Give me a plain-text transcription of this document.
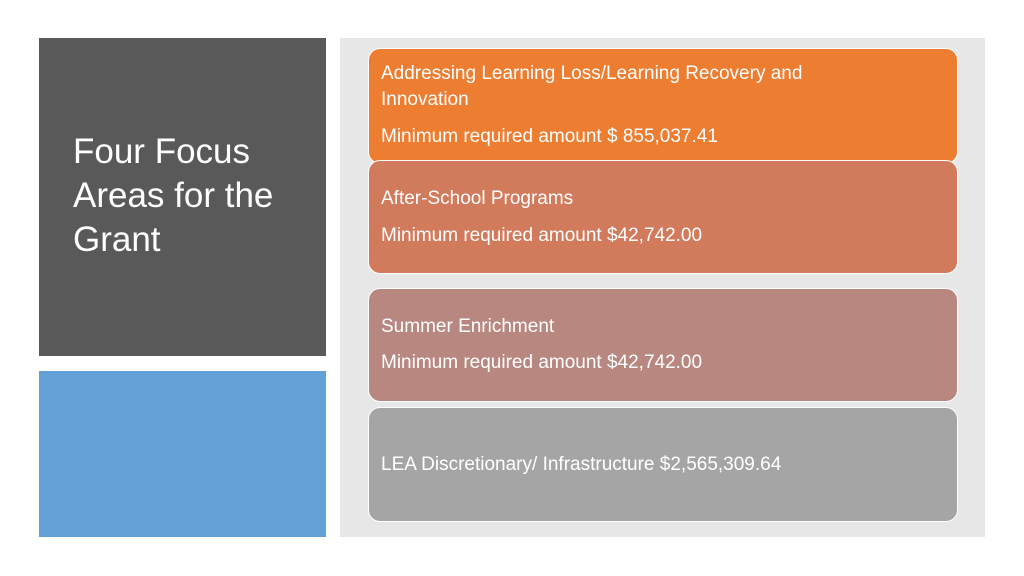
Four Focus Areas for the Grant
Addressing Learning Loss/Learning Recovery and Innovation
Minimum required amount $ 855,037.41
After-School Programs
Minimum required amount $42,742.00
Summer Enrichment
Minimum required amount $42,742.00
LEA Discretionary/ Infrastructure $2,565,309.64
